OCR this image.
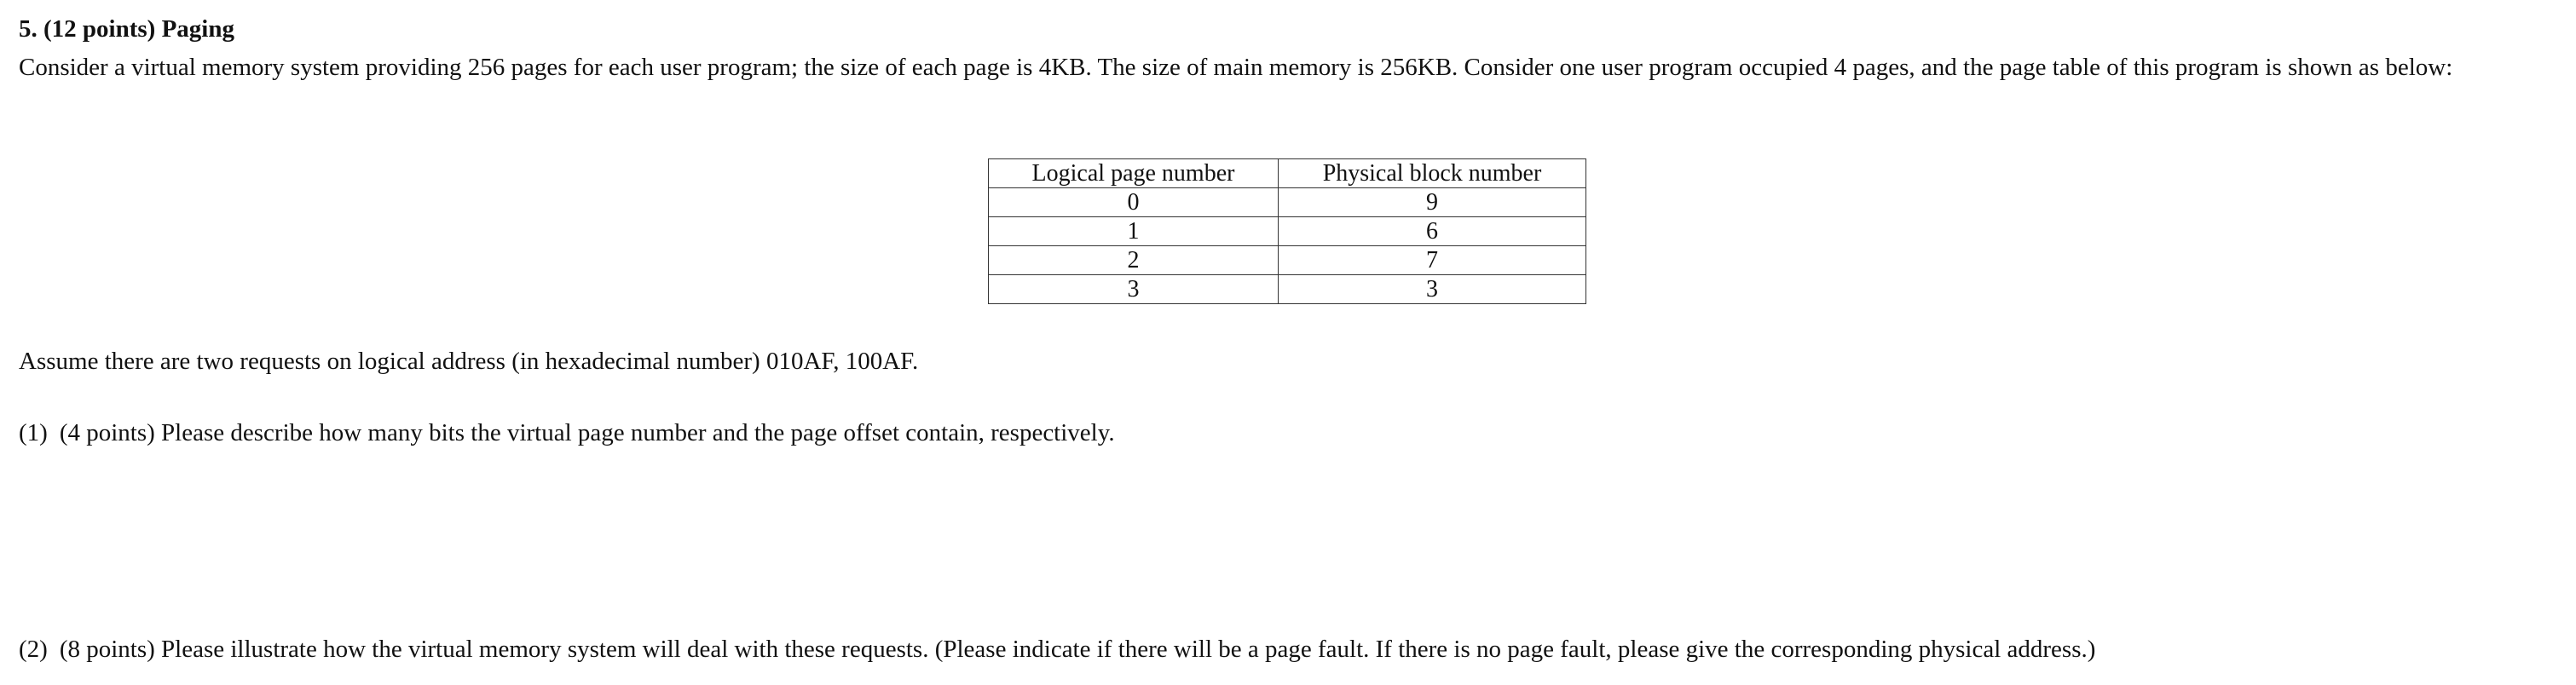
5. (12 points) Paging
Consider a virtual memory system providing 256 pages for each user program; the size of each page is 4KB. The size of main memory is 256KB. Consider one user program occupied 4 pages, and the page table of this program is shown as below:
Logical page number	Physical block number
0	9
1	6
2	7
3	3
Assume there are two requests on logical address (in hexadecimal number) 010AF, 100AF.
(1) (4 points) Please describe how many bits the virtual page number and the page offset contain, respectively.
(2) (8 points) Please illustrate how the virtual memory system will deal with these requests. (Please indicate if there will be a page fault. If there is no page fault, please give the corresponding physical address.)
